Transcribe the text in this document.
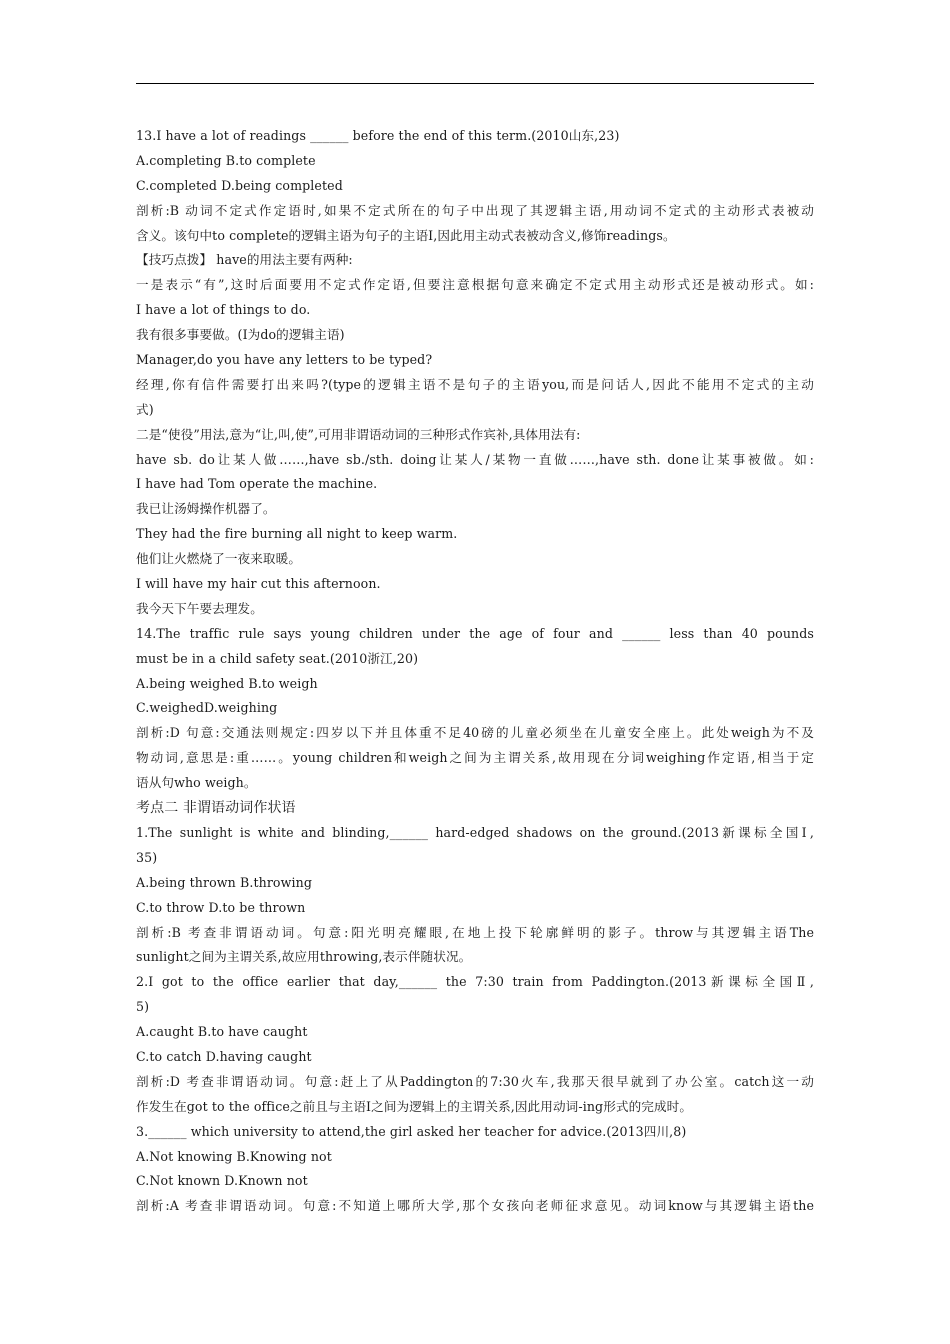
13.I have a lot of readings ______ before the end of this term.(2010山东,23)
A.completing B.to complete
C.completed D.being completed
剖析:B 动词不定式作定语时,如果不定式所在的句子中出现了其逻辑主语,用动词不定式的主动形式表被动
含义。该句中to complete的逻辑主语为句子的主语I,因此用主动式表被动含义,修饰readings。
【技巧点拨】 have的用法主要有两种:
一是表示“有”,这时后面要用不定式作定语,但要注意根据句意来确定不定式用主动形式还是被动形式。如:
I have a lot of things to do.
我有很多事要做。(I为do的逻辑主语)
Manager,do you have any letters to be typed?
经理,你有信件需要打出来吗?(type的逻辑主语不是句子的主语you,而是问话人,因此不能用不定式的主动
式)
二是“使役”用法,意为“让,叫,使”,可用非谓语动词的三种形式作宾补,具体用法有:
have sb. do让某人做……,have sb./sth. doing让某人/某物一直做……,have sth. done让某事被做。如:
I have had Tom operate the machine.
我已让汤姆操作机器了。
They had the fire burning all night to keep warm.
他们让火燃烧了一夜来取暖。
I will have my hair cut this afternoon.
我今天下午要去理发。
14.The traffic rule says young children under the age of four and ______ less than 40 pounds
must be in a child safety seat.(2010浙江,20)
A.being weighed B.to weigh
C.weighedD.weighing
剖析:D 句意:交通法则规定:四岁以下并且体重不足40磅的儿童必须坐在儿童安全座上。此处weigh为不及
物动词,意思是:重……。young children和weigh之间为主谓关系,故用现在分词weighing作定语,相当于定
语从句who weigh。
考点二 非谓语动词作状语
1.The sunlight is white and blinding,______ hard-edged shadows on the ground.(2013新课标全国Ⅰ,
35)
A.being thrown B.throwing
C.to throw D.to be thrown
剖析:B 考查非谓语动词。句意:阳光明亮耀眼,在地上投下轮廓鲜明的影子。throw与其逻辑主语The
sunlight之间为主谓关系,故应用throwing,表示伴随状况。
2.I got to the office earlier that day,______ the 7:30 train from Paddington.(2013新课标全国Ⅱ,
5)
A.caught B.to have caught
C.to catch D.having caught
剖析:D 考查非谓语动词。句意:赶上了从Paddington的7:30火车,我那天很早就到了办公室。catch这一动
作发生在got to the office之前且与主语I之间为逻辑上的主谓关系,因此用动词-ing形式的完成时。
3.______ which university to attend,the girl asked her teacher for advice.(2013四川,8)
A.Not knowing B.Knowing not
C.Not known D.Known not
剖析:A 考查非谓语动词。句意:不知道上哪所大学,那个女孩向老师征求意见。动词know与其逻辑主语the
